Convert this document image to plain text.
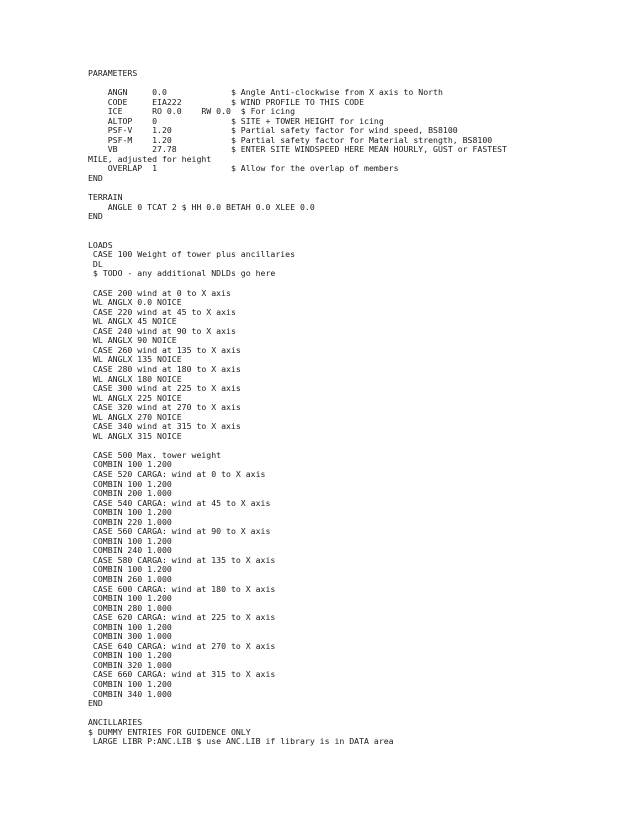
PARAMETERS
ANGN     0.0             $ Angle Anti-clockwise from X axis to North
CODE     EIA222          $ WIND PROFILE TO THIS CODE
ICE      RO 0.0    RW 0.0  $ For icing
ALTOP    0               $ SITE + TOWER HEIGHT for icing
PSF-V    1.20            $ Partial safety factor for wind speed, BS8100
PSF-M    1.20            $ Partial safety factor for Material strength, BS8100
VB       27.78           $ ENTER SITE WINDSPEED HERE MEAN HOURLY, GUST or FASTEST
MILE, adjusted for height
OVERLAP  1               $ Allow for the overlap of members
END
TERRAIN
ANGLE 0 TCAT 2 $ HH 0.0 BETAH 0.0 XLEE 0.0
END
LOADS
CASE 100 Weight of tower plus ancillaries
DL
$ TODO - any additional NDLDs go here
CASE 200 wind at 0 to X axis
WL ANGLX 0.0 NOICE
CASE 220 wind at 45 to X axis
WL ANGLX 45 NOICE
CASE 240 wind at 90 to X axis
WL ANGLX 90 NOICE
CASE 260 wind at 135 to X axis
WL ANGLX 135 NOICE
CASE 280 wind at 180 to X axis
WL ANGLX 180 NOICE
CASE 300 wind at 225 to X axis
WL ANGLX 225 NOICE
CASE 320 wind at 270 to X axis
WL ANGLX 270 NOICE
CASE 340 wind at 315 to X axis
WL ANGLX 315 NOICE
CASE 500 Max. tower weight
COMBIN 100 1.200
CASE 520 CARGA: wind at 0 to X axis
COMBIN 100 1.200
COMBIN 200 1.000
CASE 540 CARGA: wind at 45 to X axis
COMBIN 100 1.200
COMBIN 220 1.000
CASE 560 CARGA: wind at 90 to X axis
COMBIN 100 1.200
COMBIN 240 1.000
CASE 580 CARGA: wind at 135 to X axis
COMBIN 100 1.200
COMBIN 260 1.000
CASE 600 CARGA: wind at 180 to X axis
COMBIN 100 1.200
COMBIN 280 1.000
CASE 620 CARGA: wind at 225 to X axis
COMBIN 100 1.200
COMBIN 300 1.000
CASE 640 CARGA: wind at 270 to X axis
COMBIN 100 1.200
COMBIN 320 1.000
CASE 660 CARGA: wind at 315 to X axis
COMBIN 100 1.200
COMBIN 340 1.000
END
ANCILLARIES
$ DUMMY ENTRIES FOR GUIDENCE ONLY
LARGE LIBR P:ANC.LIB $ use ANC.LIB if library is in DATA area
